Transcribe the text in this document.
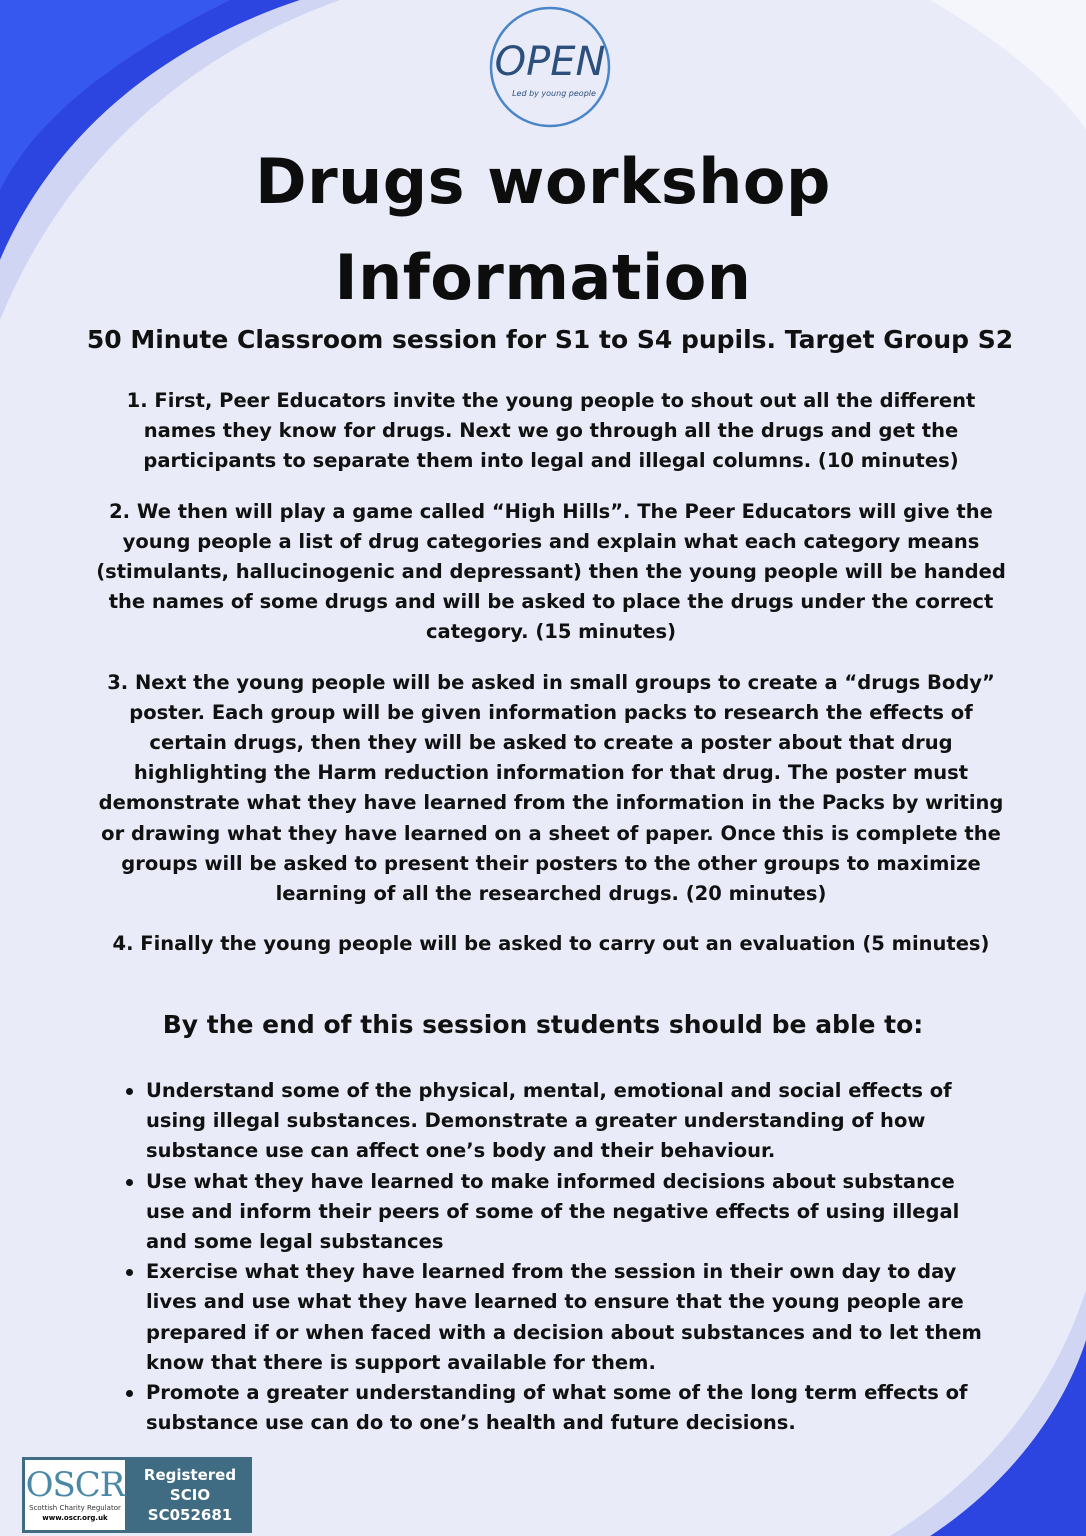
OPEN
Led by young people
Drugs workshop
Information
50 Minute Classroom session for S1 to S4 pupils. Target Group S2

1. First, Peer Educators invite the young people to shout out all the different names they know for drugs. Next we go through all the drugs and get the participants to separate them into legal and illegal columns. (10 minutes)

2. We then will play a game called “High Hills”. The Peer Educators will give the young people a list of drug categories and explain what each category means (stimulants, hallucinogenic and depressant) then the young people will be handed the names of some drugs and will be asked to place the drugs under the correct category. (15 minutes)

3. Next the young people will be asked in small groups to create a “drugs Body” poster. Each group will be given information packs to research the effects of certain drugs, then they will be asked to create a poster about that drug highlighting the Harm reduction information for that drug. The poster must demonstrate what they have learned from the information in the Packs by writing or drawing what they have learned on a sheet of paper. Once this is complete the groups will be asked to present their posters to the other groups to maximize learning of all the researched drugs. (20 minutes)

4. Finally the young people will be asked to carry out an evaluation (5 minutes)

By the end of this session students should be able to:
Understand some of the physical, mental, emotional and social effects of using illegal substances. Demonstrate a greater understanding of how substance use can affect one’s body and their behaviour.
Use what they have learned to make informed decisions about substance use and inform their peers of some of the negative effects of using illegal and some legal substances
Exercise what they have learned from the session in their own day to day lives and use what they have learned to ensure that the young people are prepared if or when faced with a decision about substances and to let them know that there is support available for them.
Promote a greater understanding of what some of the long term effects of substance use can do to one’s health and future decisions.
OSCR
Scottish Charity Regulator
www.oscr.org.uk
Registered
SCIO
SC052681
